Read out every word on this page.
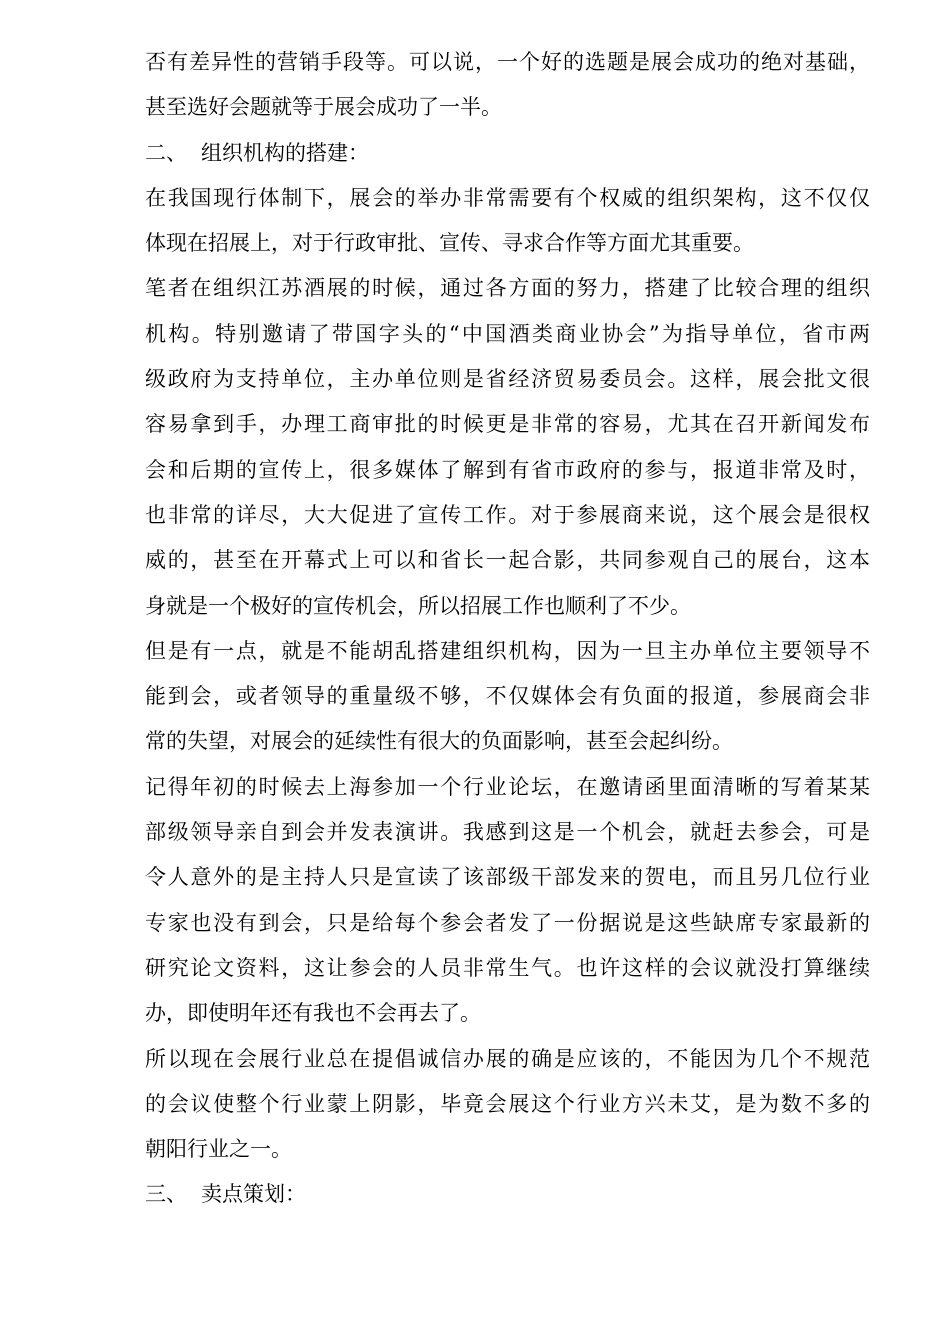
否有差异性的营销手段等。可以说，一个好的选题是展会成功的绝对基础，
甚至选好会题就等于展会成功了一半。
二、 组织机构的搭建：
在我国现行体制下，展会的举办非常需要有个权威的组织架构，这不仅仅
体现在招展上，对于行政审批、宣传、寻求合作等方面尤其重要。
笔者在组织江苏酒展的时候，通过各方面的努力，搭建了比较合理的组织
机构。特别邀请了带国字头的“中国酒类商业协会”为指导单位，省市两
级政府为支持单位，主办单位则是省经济贸易委员会。这样，展会批文很
容易拿到手，办理工商审批的时候更是非常的容易，尤其在召开新闻发布
会和后期的宣传上，很多媒体了解到有省市政府的参与，报道非常及时，
也非常的详尽，大大促进了宣传工作。对于参展商来说，这个展会是很权
威的，甚至在开幕式上可以和省长一起合影，共同参观自己的展台，这本
身就是一个极好的宣传机会，所以招展工作也顺利了不少。
但是有一点，就是不能胡乱搭建组织机构，因为一旦主办单位主要领导不
能到会，或者领导的重量级不够，不仅媒体会有负面的报道，参展商会非
常的失望，对展会的延续性有很大的负面影响，甚至会起纠纷。
记得年初的时候去上海参加一个行业论坛，在邀请函里面清晰的写着某某
部级领导亲自到会并发表演讲。我感到这是一个机会，就赶去参会，可是
令人意外的是主持人只是宣读了该部级干部发来的贺电，而且另几位行业
专家也没有到会，只是给每个参会者发了一份据说是这些缺席专家最新的
研究论文资料，这让参会的人员非常生气。也许这样的会议就没打算继续
办，即使明年还有我也不会再去了。
所以现在会展行业总在提倡诚信办展的确是应该的，不能因为几个不规范
的会议使整个行业蒙上阴影，毕竟会展这个行业方兴未艾，是为数不多的
朝阳行业之一。
三、 卖点策划：
